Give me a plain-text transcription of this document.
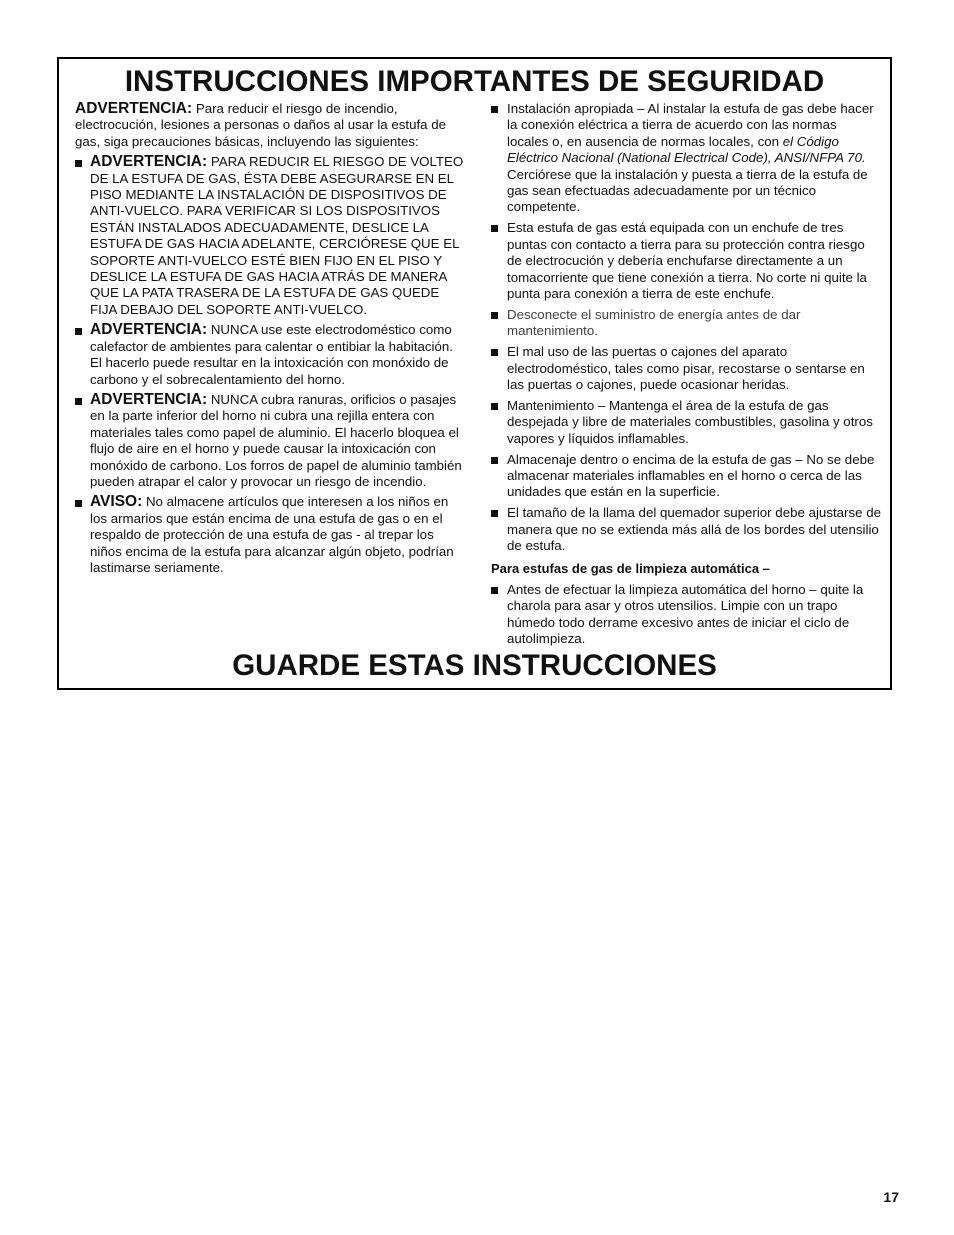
INSTRUCCIONES IMPORTANTES DE SEGURIDAD

ADVERTENCIA: Para reducir el riesgo de incendio, electrocución, lesiones a personas o daños al usar la estufa de gas, siga precauciones básicas, incluyendo las siguientes:

ADVERTENCIA: PARA REDUCIR EL RIESGO DE VOLTEO DE LA ESTUFA DE GAS, ÉSTA DEBE ASEGURARSE EN EL PISO MEDIANTE LA INSTALACIÓN DE DISPOSITIVOS DE ANTI-VUELCO. PARA VERIFICAR SI LOS DISPOSITIVOS ESTÁN INSTALADOS ADECUADAMENTE, DESLICE LA ESTUFA DE GAS HACIA ADELANTE, CERCIÓRESE QUE EL SOPORTE ANTI-VUELCO ESTÉ BIEN FIJO EN EL PISO Y DESLICE LA ESTUFA DE GAS HACIA ATRÁS DE MANERA QUE LA PATA TRASERA DE LA ESTUFA DE GAS QUEDE FIJA DEBAJO DEL SOPORTE ANTI-VUELCO.
ADVERTENCIA: NUNCA use este electrodoméstico como calefactor de ambientes para calentar o entibiar la habitación. El hacerlo puede resultar en la intoxicación con monóxido de carbono y el sobrecalentamiento del horno.
ADVERTENCIA: NUNCA cubra ranuras, orificios o pasajes en la parte inferior del horno ni cubra una rejilla entera con materiales tales como papel de aluminio. El hacerlo bloquea el flujo de aire en el horno y puede causar la intoxicación con monóxido de carbono. Los forros de papel de aluminio también pueden atrapar el calor y provocar un riesgo de incendio.
AVISO: No almacene artículos que interesen a los niños en los armarios que están encima de una estufa de gas o en el respaldo de protección de una estufa de gas - al trepar los niños encima de la estufa para alcanzar algún objeto, podrían lastimarse seriamente.
Instalación apropiada – Al instalar la estufa de gas debe hacer la conexión eléctrica a tierra de acuerdo con las normas locales o, en ausencia de normas locales, con el Código Eléctrico Nacional (National Electrical Code), ANSI/NFPA 70. Cerciórese que la instalación y puesta a tierra de la estufa de gas sean efectuadas adecuadamente por un técnico competente.
Esta estufa de gas está equipada con un enchufe de tres puntas con contacto a tierra para su protección contra riesgo de electrocución y debería enchufarse directamente a un tomacorriente que tiene conexión a tierra. No corte ni quite la punta para conexión a tierra de este enchufe.
Desconecte el suministro de energía antes de dar mantenimiento.
El mal uso de las puertas o cajones del aparato electrodoméstico, tales como pisar, recostarse o sentarse en las puertas o cajones, puede ocasionar heridas.
Mantenimiento – Mantenga el área de la estufa de gas despejada y libre de materiales combustibles, gasolina y otros vapores y líquidos inflamables.
Almacenaje dentro o encima de la estufa de gas – No se debe almacenar materiales inflamables en el horno o cerca de las unidades que están en la superficie.
El tamaño de la llama del quemador superior debe ajustarse de manera que no se extienda más allá de los bordes del utensilio de estufa.

Para estufas de gas de limpieza automática –

Antes de efectuar la limpieza automática del horno – quite la charola para asar y otros utensilios. Limpie con un trapo húmedo todo derrame excesivo antes de iniciar el ciclo de autolimpieza.
GUARDE ESTAS INSTRUCCIONES
17
